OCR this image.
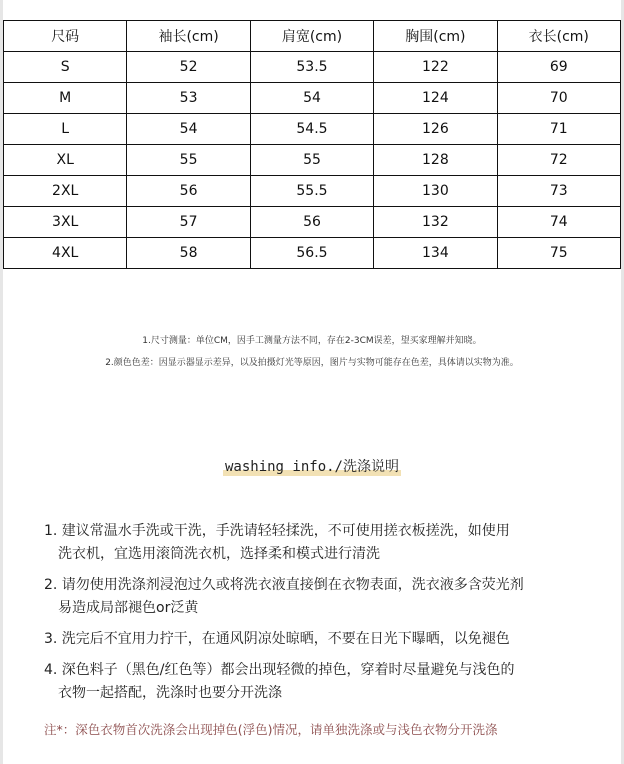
尺码	袖长(cm)	肩宽(cm)	胸围(cm)	衣长(cm)
S	52	53.5	122	69
M	53	54	124	70
L	54	54.5	126	71
XL	55	55	128	72
2XL	56	55.5	130	73
3XL	57	56	132	74
4XL	58	56.5	134	75
1.尺寸测量：单位CM，因手工测量方法不同，存在2-3CM误差，望买家理解并知晓。
2.颜色色差：因显示器显示差异，以及拍摄灯光等原因，图片与实物可能存在色差，具体请以实物为准。
washing info./洗涤说明
1. 建议常温水手洗或干洗，手洗请轻轻揉洗，不可使用搓衣板搓洗，如使用
洗衣机，宜选用滚筒洗衣机，选择柔和模式进行清洗
2. 请勿使用洗涤剂浸泡过久或将洗衣液直接倒在衣物表面，洗衣液多含荧光剂
易造成局部褪色or泛黄
3. 洗完后不宜用力拧干，在通风阴凉处晾晒，不要在日光下曝晒，以免褪色
4. 深色料子（黑色/红色等）都会出现轻微的掉色，穿着时尽量避免与浅色的
衣物一起搭配，洗涤时也要分开洗涤
注*：深色衣物首次洗涤会出现掉色(浮色)情况，请单独洗涤或与浅色衣物分开洗涤
